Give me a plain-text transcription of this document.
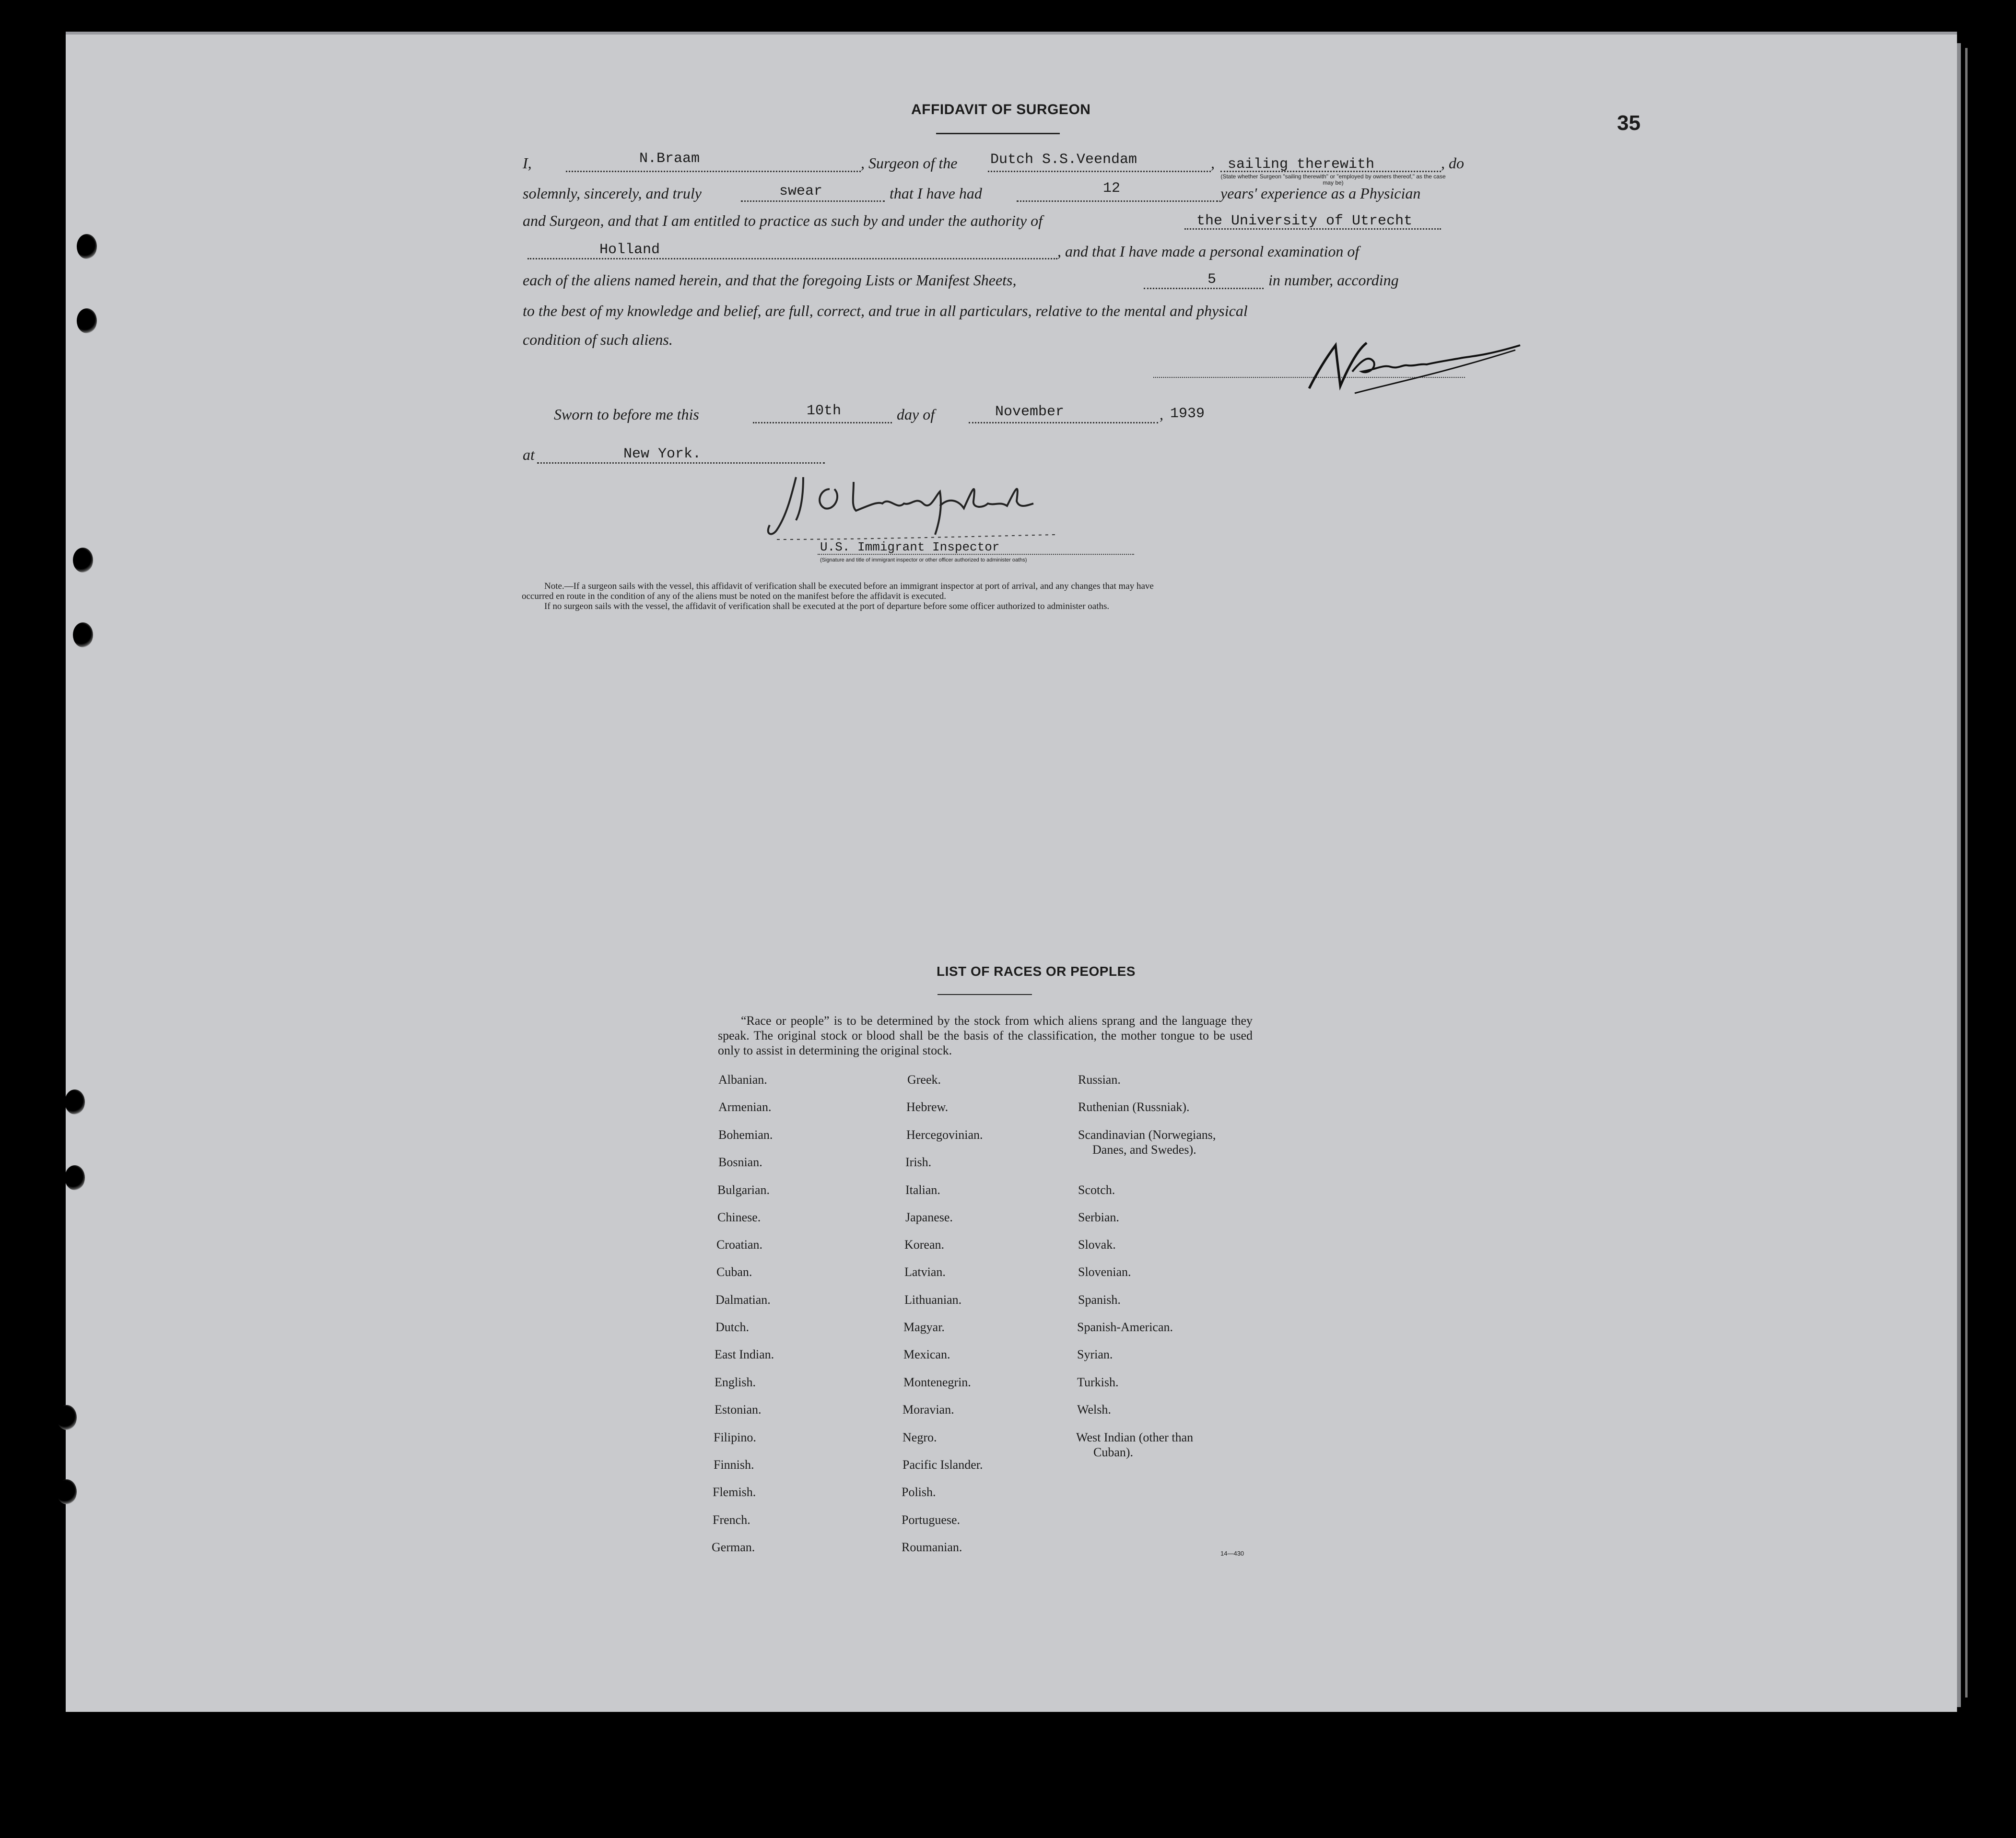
35
AFFIDAVIT OF SURGEON
I,	N.Braam	, Surgeon of the Dutch S.S.Veendam	, sailing therewith	, do
(State whether Surgeon "sailing therewith" or "employed by owners thereof," as the case may be)
solemnly, sincerely, and truly	swear	that I have had	12	years' experience as a Physician
and Surgeon, and that I am entitled to practice as such by and under the authority of	the University of Utrecht
Holland	, and that I have made a personal examination of
each of the aliens named herein, and that the foregoing Lists or Manifest Sheets,	5	in number, according
to the best of my knowledge and belief, are full, correct, and true in all particulars, relative to the mental and physical
condition of such aliens.
Sworn to before me this	10th	day of	November	, 1939
at	New York.
U.S. Immigrant Inspector
(Signature and title of immigrant inspector or other officer authorized to administer oaths)
Note.—If a surgeon sails with the vessel, this affidavit of verification shall be executed before an immigrant inspector at port of arrival, and any changes that may have
occurred en route in the condition of any of the aliens must be noted on the manifest before the affidavit is executed.
If no surgeon sails with the vessel, the affidavit of verification shall be executed at the port of departure before some officer authorized to administer oaths.
LIST OF RACES OR PEOPLES
“Race or people” is to be determined by the stock from which aliens sprang and the language they speak. The original stock or blood shall be the basis of the classification, the mother tongue to be used only to assist in determining the original stock.
Albanian.
Armenian.
Bohemian.
Bosnian.
Bulgarian.
Chinese.
Croatian.
Cuban.
Dalmatian.
Dutch.
East Indian.
English.
Estonian.
Filipino.
Finnish.
Flemish.
French.
German.
Greek.
Hebrew.
Hercegovinian.
Irish.
Italian.
Japanese.
Korean.
Latvian.
Lithuanian.
Magyar.
Mexican.
Montenegrin.
Moravian.
Negro.
Pacific Islander.
Polish.
Portuguese.
Roumanian.
Russian.
Ruthenian (Russniak).
Scandinavian (Norwegians,
Danes, and Swedes).
Scotch.
Serbian.
Slovak.
Slovenian.
Spanish.
Spanish-American.
Syrian.
Turkish.
Welsh.
West Indian (other than
Cuban).
14—430
